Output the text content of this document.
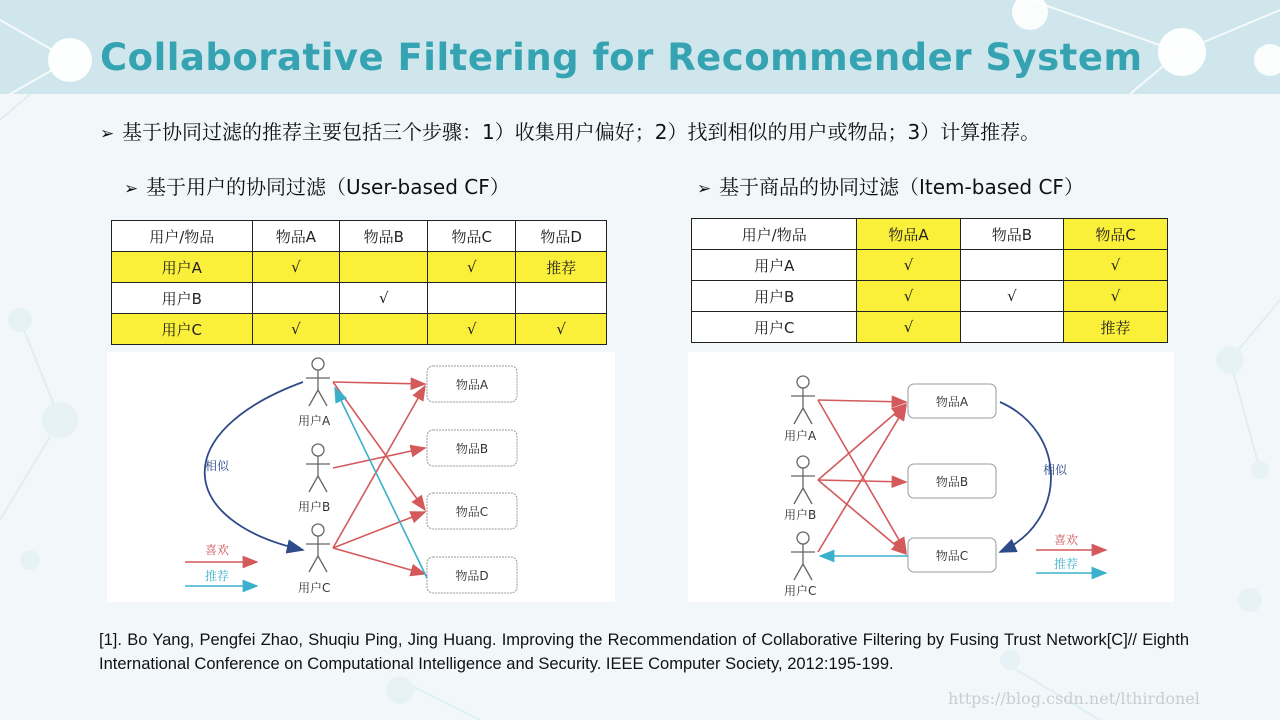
Collaborative Filtering for Recommender System
➢ 基于协同过滤的推荐主要包括三个步骤：1）收集用户偏好；2）找到相似的用户或物品；3）计算推荐。
➢ 基于用户的协同过滤（User-based CF）	➢ 基于商品的协同过滤（Item-based CF）
用户/物品	物品A	物品B	物品C	物品D
用户A	√		√	推荐
用户B		√		
用户C	√		√	√
用户/物品	物品A	物品B	物品C
用户A	√		√
用户B	√	√	√
用户C	√		推荐
用户A
用户B
用户C
物品A
物品B
物品C
物品D
相似
喜欢
推荐
用户A
用户B
用户C
物品A
物品B
物品C
相似
喜欢
推荐
[1]. Bo Yang, Pengfei Zhao, Shuqiu Ping, Jing Huang. Improving the Recommendation of Collaborative Filtering by Fusing Trust Network[C]// Eighth International Conference on Computational Intelligence and Security. IEEE Computer Society, 2012:195-199.
https://blog.csdn.net/lthirdonel
